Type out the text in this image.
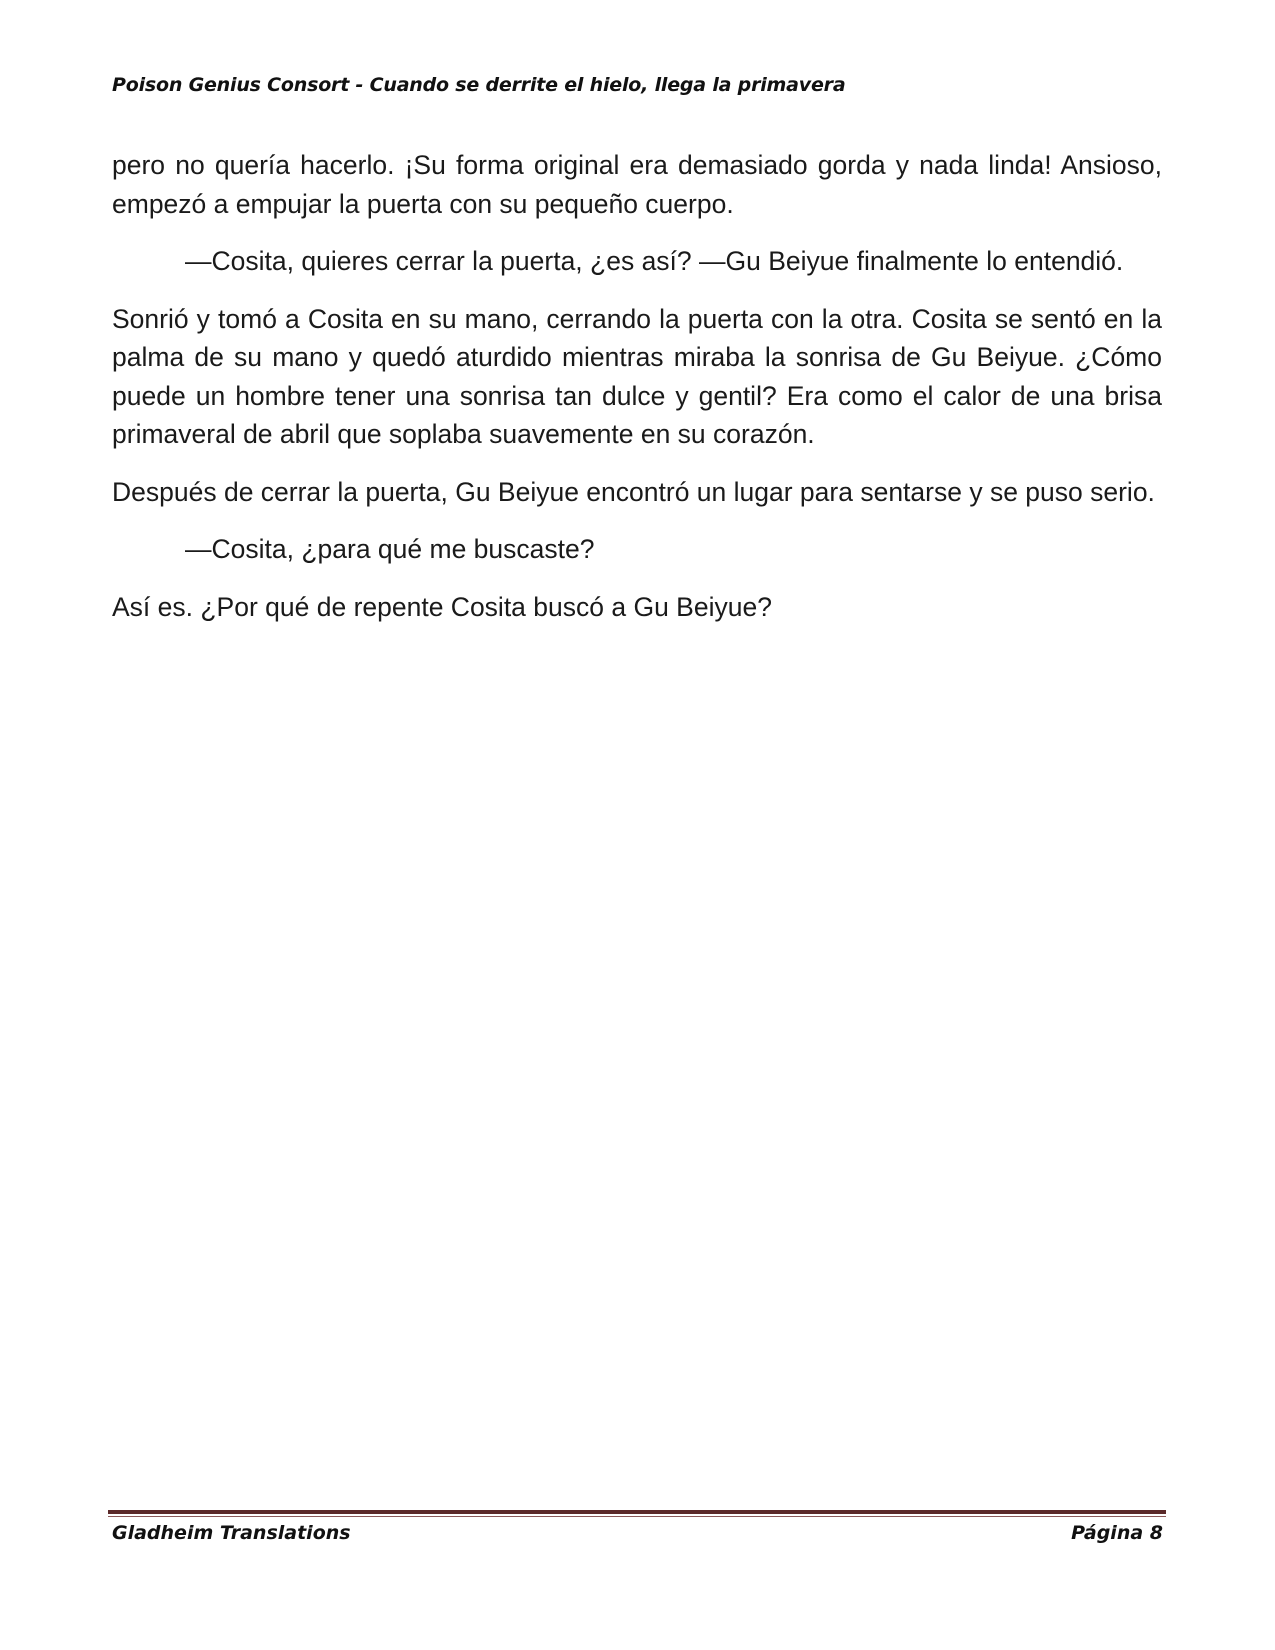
Poison Genius Consort - Cuando se derrite el hielo, llega la primavera

pero no quería hacerlo. ¡Su forma original era demasiado gorda y nada linda! Ansioso, empezó a empujar la puerta con su pequeño cuerpo.

—Cosita, quieres cerrar la puerta, ¿es así? —Gu Beiyue finalmente lo entendió.

Sonrió y tomó a Cosita en su mano, cerrando la puerta con la otra. Cosita se sentó en la palma de su mano y quedó aturdido mientras miraba la sonrisa de Gu Beiyue. ¿Cómo puede un hombre tener una sonrisa tan dulce y gentil? Era como el calor de una brisa primaveral de abril que soplaba suavemente en su corazón.

Después de cerrar la puerta, Gu Beiyue encontró un lugar para sentarse y se puso serio.

—Cosita, ¿para qué me buscaste?

Así es. ¿Por qué de repente Cosita buscó a Gu Beiyue?

Gladheim Translations	Página 8
